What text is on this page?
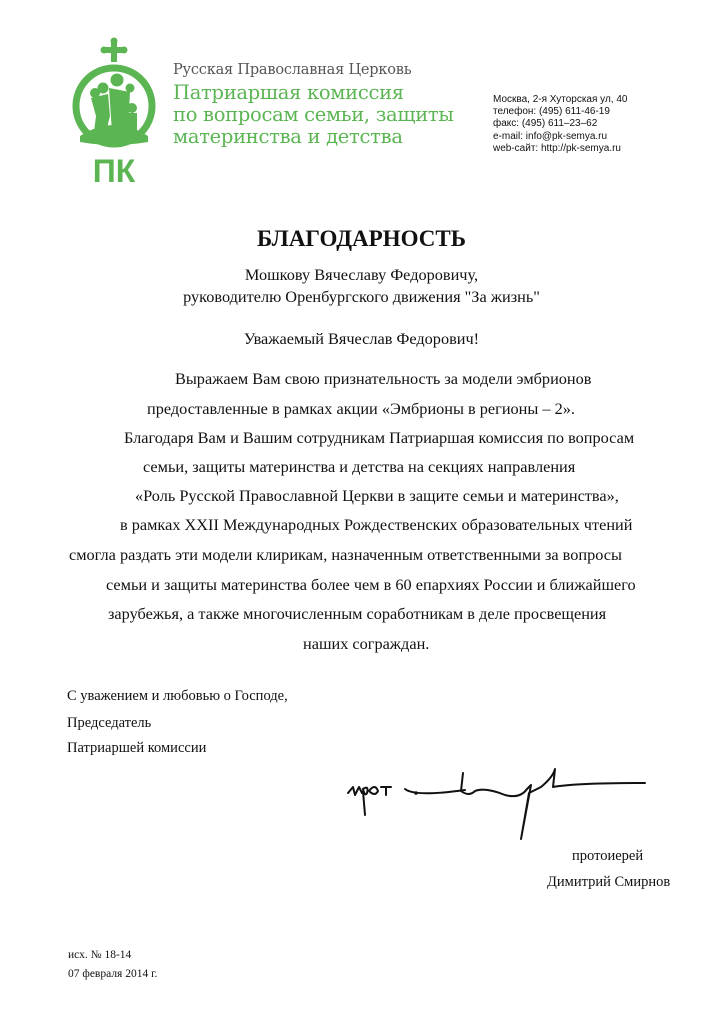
ПК
Русская Православная Церковь
Патриаршая комиссия
по вопросам семьи, защиты
материнства и детства
Москва, 2-я Хуторская ул, 40
телефон: (495) 611-46-19
факс: (495) 611–23–62
e-mail: info@pk-semya.ru
web-сайт: http://pk-semya.ru
БЛАГОДАРНОСТЬ
Мошкову Вячеславу Федоровичу,
руководителю Оренбургского движения "За жизнь"
Уважаемый Вячеслав Федорович!
Выражаем Вам свою признательность за модели эмбрионов
предоставленные в рамках акции «Эмбрионы в регионы – 2».
Благодаря Вам и Вашим сотрудникам Патриаршая комиссия по вопросам
семьи, защиты материнства и детства на секциях направления
«Роль Русской Православной Церкви в защите семьи и материнства»,
в рамках XXII Международных Рождественских образовательных чтений
смогла раздать эти модели клирикам, назначенным ответственными за вопросы
семьи и защиты материнства более чем в 60 епархиях России и ближайшего
зарубежья, а также многочисленным соработникам в деле просвещения
наших сограждан.
С уважением и любовью о Господе,
Председатель
Патриаршей комиссии
протоиерей
Димитрий Смирнов
исх. № 18-14
07 февраля 2014 г.
